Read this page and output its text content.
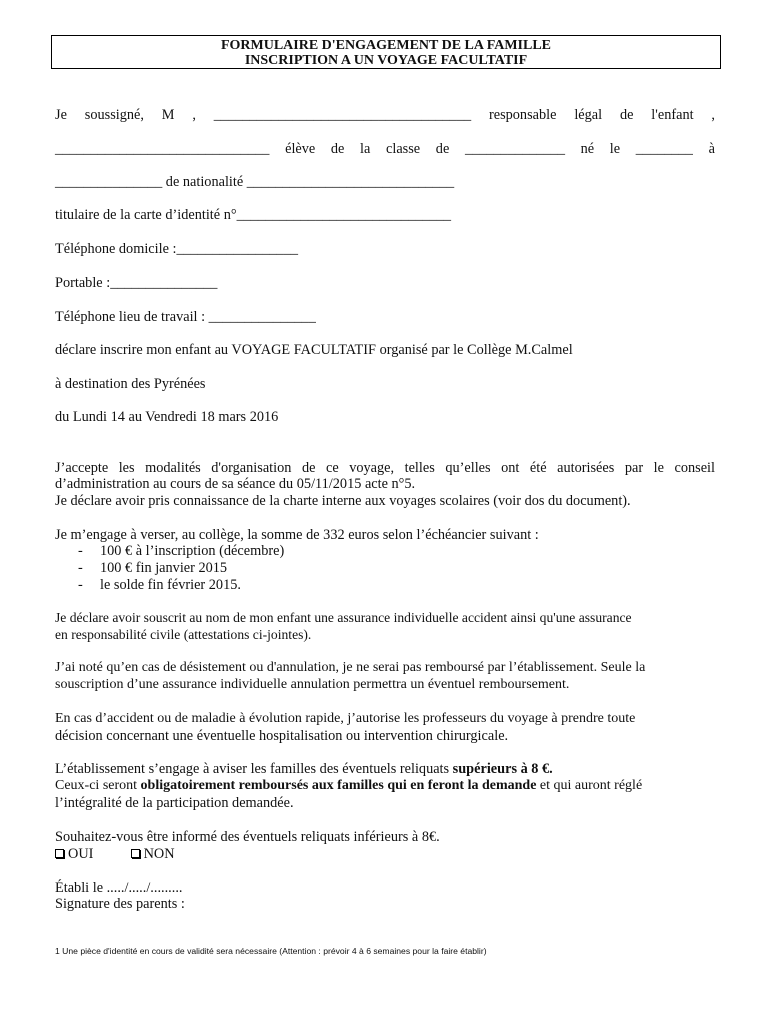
FORMULAIRE D'ENGAGEMENT DE LA FAMILLE
INSCRIPTION A UN VOYAGE FACULTATIF
Je soussigné, M , ____________________________________ responsable légal de l'enfant ,
______________________________ élève de la classe de ______________ né le ________ à
_______________ de nationalité _____________________________
titulaire de la carte d’identité n°______________________________
Téléphone domicile :_________________
Portable :_______________
Téléphone lieu de travail : _______________
déclare inscrire mon enfant au VOYAGE FACULTATIF organisé par le Collège M.Calmel
à destination des Pyrénées
du Lundi 14 au Vendredi 18 mars 2016
J’accepte les modalités d'organisation de ce voyage, telles qu’elles ont été autorisées par le conseil
d’administration au cours de sa séance du 05/11/2015 acte n°5.
Je déclare avoir pris connaissance de la charte interne aux voyages scolaires (voir dos du document).
Je m’engage à verser, au collège, la somme de 332 euros selon l’échéancier suivant :
- 100 € à l’inscription (décembre)
- 100 € fin janvier 2015
- le solde fin février 2015.
Je déclare avoir souscrit au nom de mon enfant une assurance individuelle accident ainsi qu'une assurance
en responsabilité civile (attestations ci-jointes).
J’ai noté qu’en cas de désistement ou d'annulation, je ne serai pas remboursé par l’établissement. Seule la
souscription d’une assurance individuelle annulation permettra un éventuel remboursement.
En cas d’accident ou de maladie à évolution rapide, j’autorise les professeurs du voyage à prendre toute
décision concernant une éventuelle hospitalisation ou intervention chirurgicale.
L’établissement s’engage à aviser les familles des éventuels reliquats supérieurs à 8 €.
Ceux-ci seront obligatoirement remboursés aux familles qui en feront la demande et qui auront réglé
l’intégralité de la participation demandée.
Souhaitez-vous être informé des éventuels reliquats inférieurs à 8€.
OUI	NON
Établi le ...../...../.........
Signature des parents :
1 Une pièce d'identité en cours de validité sera nécessaire (Attention : prévoir 4 à 6 semaines pour la faire établir)
